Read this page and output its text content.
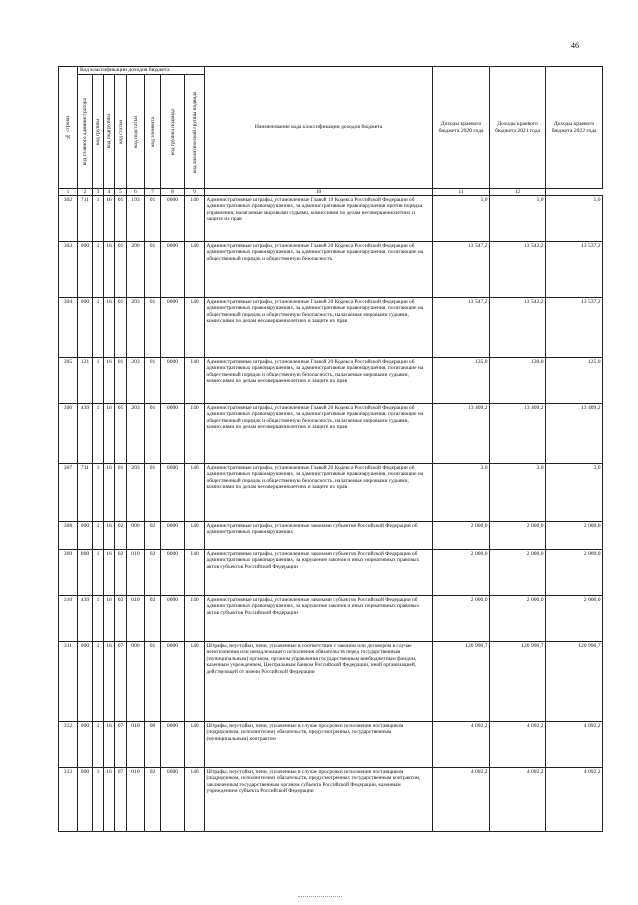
46
№ строки	Код классификации доходов бюджета								Наименование кода классификации доходов бюджета	Доходы краевого бюджета 2020 года	Доходы краевого бюджета 2021 года	Доходы краевого бюджета 2022 года

	код главного администратора	код группы	код подгруппы	код статьи	код подстатьи	код элемента	код группы подвида	код аналитической группы подвида				

1	2	3	4	5	6	7	8	9	10	11	12	
302	711	1	16	01	193	01	0000	140	Административные штрафы, установленные Главой 19 Кодекса Российской Федерации об административных правонарушениях, за административные правонарушения против порядка управления, налагаемые мировыми судьями, комиссиями по делам несовершеннолетних и защите их прав	5,0	5,0	5,0
303	000	1	16	01	200	01	0000	140	Административные штрафы, установленные Главой 20 Кодекса Российской Федерации об административных правонарушениях, за административные правонарушения, посягающие на общественный порядок и общественную безопасность	13 547,2	13 542,2	13 537,2
304	000	1	16	01	203	01	0000	140	Административные штрафы, установленные Главой 20 Кодекса Российской Федерации об административных правонарушениях, за административные правонарушения, посягающие на общественный порядок и общественную безопасность, налагаемые мировыми судьями, комиссиями по делам несовершеннолетних и защите их прав	13 547,2	13 542,2	13 537,2
305	121	1	16	01	203	01	0000	140	Административные штрафы, установленные Главой 20 Кодекса Российской Федерации об административных правонарушениях, за административные правонарушения, посягающие на общественный порядок и общественную безопасность, налагаемые мировыми судьями, комиссиями по делам несовершеннолетних и защите их прав	135,0	130,0	125,0
306	439	1	16	01	203	01	0000	140	Административные штрафы, установленные Главой 20 Кодекса Российской Федерации об административных правонарушениях, за административные правонарушения, посягающие на общественный порядок и общественную безопасность, налагаемые мировыми судьями, комиссиями по делам несовершеннолетних и защите их прав	13 409,2	13 409,2	13 409,2
307	711	1	16	01	203	01	0000	140	Административные штрафы, установленные Главой 20 Кодекса Российской Федерации об административных правонарушениях, за административные правонарушения, посягающие на общественный порядок и общественную безопасность, налагаемые мировыми судьями, комиссиями по делам несовершеннолетних и защите их прав	3,0	3,0	3,0
308	000	1	16	02	000	02	0000	140	Административные штрафы, установленные законами субъектов Российской Федерации об административных правонарушениях	2 000,0	2 000,0	2 000,0
309	000	1	16	02	010	02	0000	140	Административные штрафы, установленные законами субъектов Российской Федерации об административных правонарушениях, за нарушение законов и иных нормативных правовых актов субъектов Российской Федерации	2 000,0	2 000,0	2 000,0
310	439	1	16	02	010	02	0000	140	Административные штрафы, установленные законами субъектов Российской Федерации об административных правонарушениях, за нарушение законов и иных нормативных правовых актов субъектов Российской Федерации	2 000,0	2 000,0	2 000,0
311	000	1	16	07	000	01	0000	140	Штрафы, неустойки, пени, уплаченные в соответствии с законом или договором в случае неисполнения или ненадлежащего исполнения обязательств перед государственным (муниципальным) органом, органом управления государственным внебюджетным фондом, казенным учреждением, Центральным банком Российской Федерации, иной организацией, действующей от имени Российской Федерации	120 990,7	120 990,7	120 990,7
312	000	1	16	07	010	00	0000	140	Штрафы, неустойки, пени, уплаченные в случае просрочки исполнения поставщиком (подрядчиком, исполнителем) обязательств, предусмотренных государственным (муниципальным) контрактом	4 092,2	4 092,2	4 092,2
313	000	1	16	07	010	02	0000	140	Штрафы, неустойки, пени, уплаченные в случае просрочки исполнения поставщиком (подрядчиком, исполнителем) обязательств, предусмотренных государственным контрактом, заключенным государственным органом субъекта Российской Федерации, казенным учреждением субъекта Российской Федерации	4 092,2	4 092,2	4 092,2
